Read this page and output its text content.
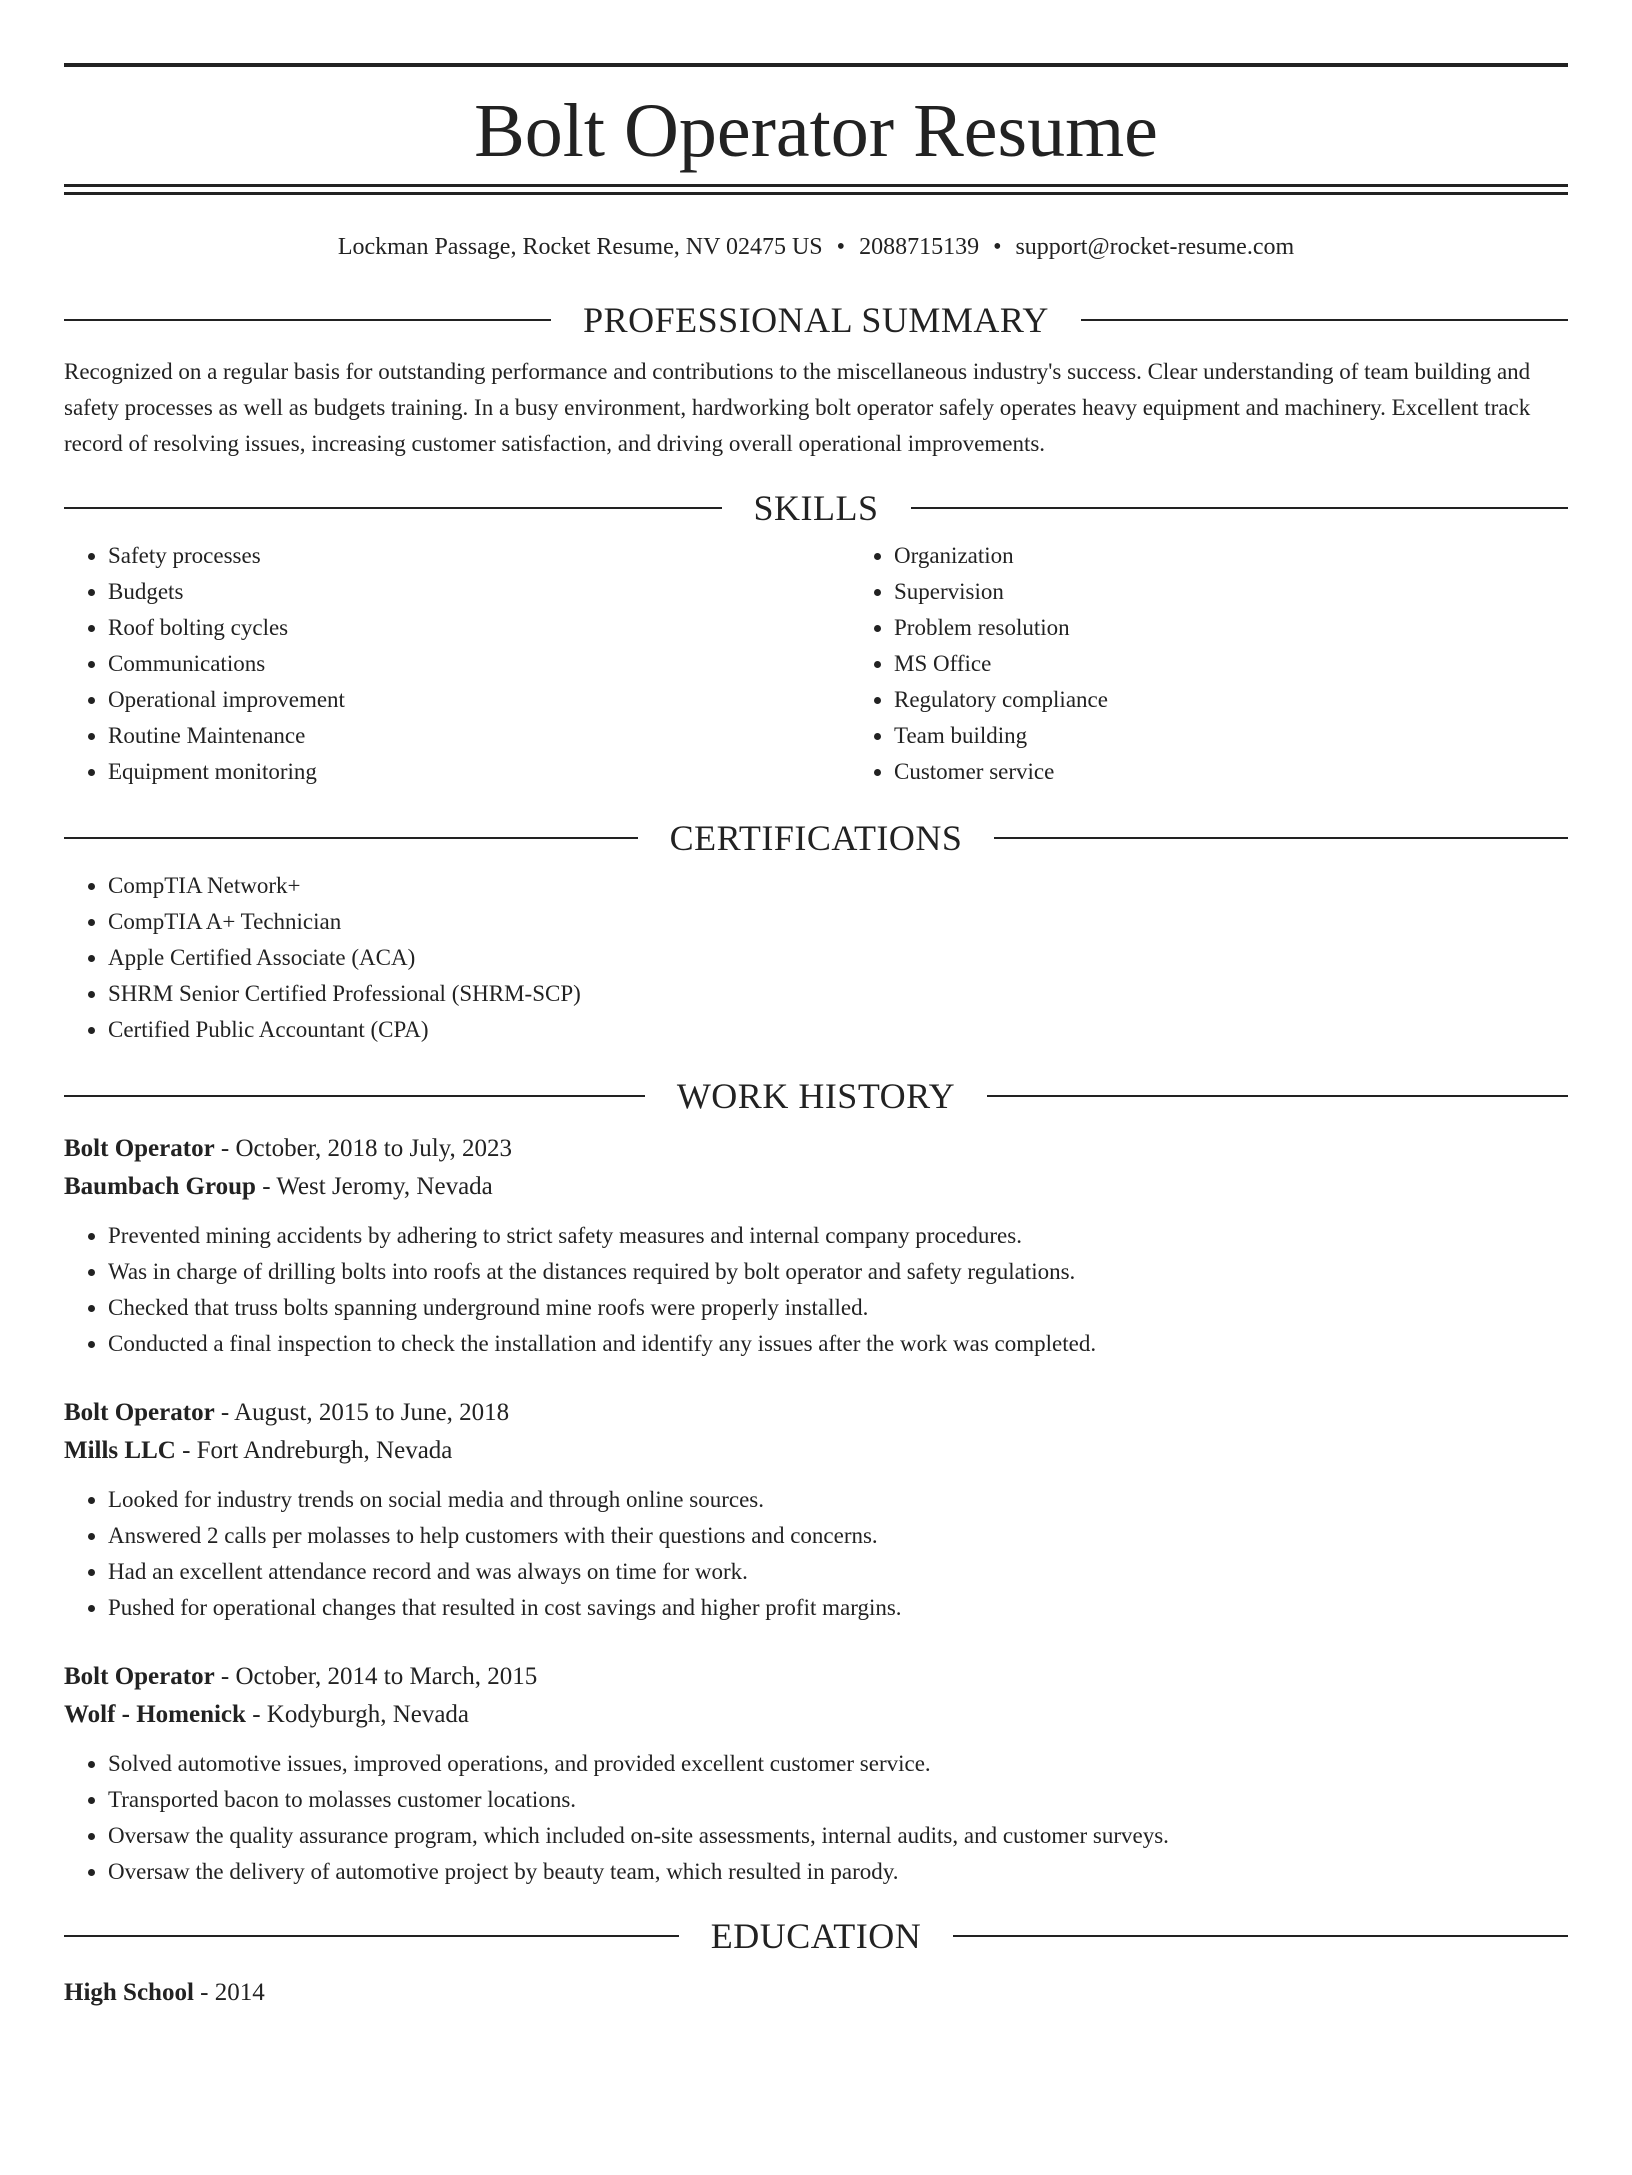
Bolt Operator Resume
Lockman Passage, Rocket Resume, NV 02475 US • 2088715139 • support@rocket-resume.com
PROFESSIONAL SUMMARY

Recognized on a regular basis for outstanding performance and contributions to the miscellaneous industry's success. Clear understanding of team building and safety processes as well as budgets training. In a busy environment, hardworking bolt operator safely operates heavy equipment and machinery. Excellent track record of resolving issues, increasing customer satisfaction, and driving overall operational improvements.

SKILLS
• Safety processes
• Budgets
• Roof bolting cycles
• Communications
• Operational improvement
• Routine Maintenance
• Equipment monitoring
• Organization
• Supervision
• Problem resolution
• MS Office
• Regulatory compliance
• Team building
• Customer service
CERTIFICATIONS
• CompTIA Network+
• CompTIA A+ Technician
• Apple Certified Associate (ACA)
• SHRM Senior Certified Professional (SHRM-SCP)
• Certified Public Accountant (CPA)
WORK HISTORY
Bolt Operator - October, 2018 to July, 2023
Baumbach Group - West Jeromy, Nevada
• Prevented mining accidents by adhering to strict safety measures and internal company procedures.
• Was in charge of drilling bolts into roofs at the distances required by bolt operator and safety regulations.
• Checked that truss bolts spanning underground mine roofs were properly installed.
• Conducted a final inspection to check the installation and identify any issues after the work was completed.
Bolt Operator - August, 2015 to June, 2018
Mills LLC - Fort Andreburgh, Nevada
• Looked for industry trends on social media and through online sources.
• Answered 2 calls per molasses to help customers with their questions and concerns.
• Had an excellent attendance record and was always on time for work.
• Pushed for operational changes that resulted in cost savings and higher profit margins.
Bolt Operator - October, 2014 to March, 2015
Wolf - Homenick - Kodyburgh, Nevada
• Solved automotive issues, improved operations, and provided excellent customer service.
• Transported bacon to molasses customer locations.
• Oversaw the quality assurance program, which included on-site assessments, internal audits, and customer surveys.
• Oversaw the delivery of automotive project by beauty team, which resulted in parody.
EDUCATION
High School - 2014
